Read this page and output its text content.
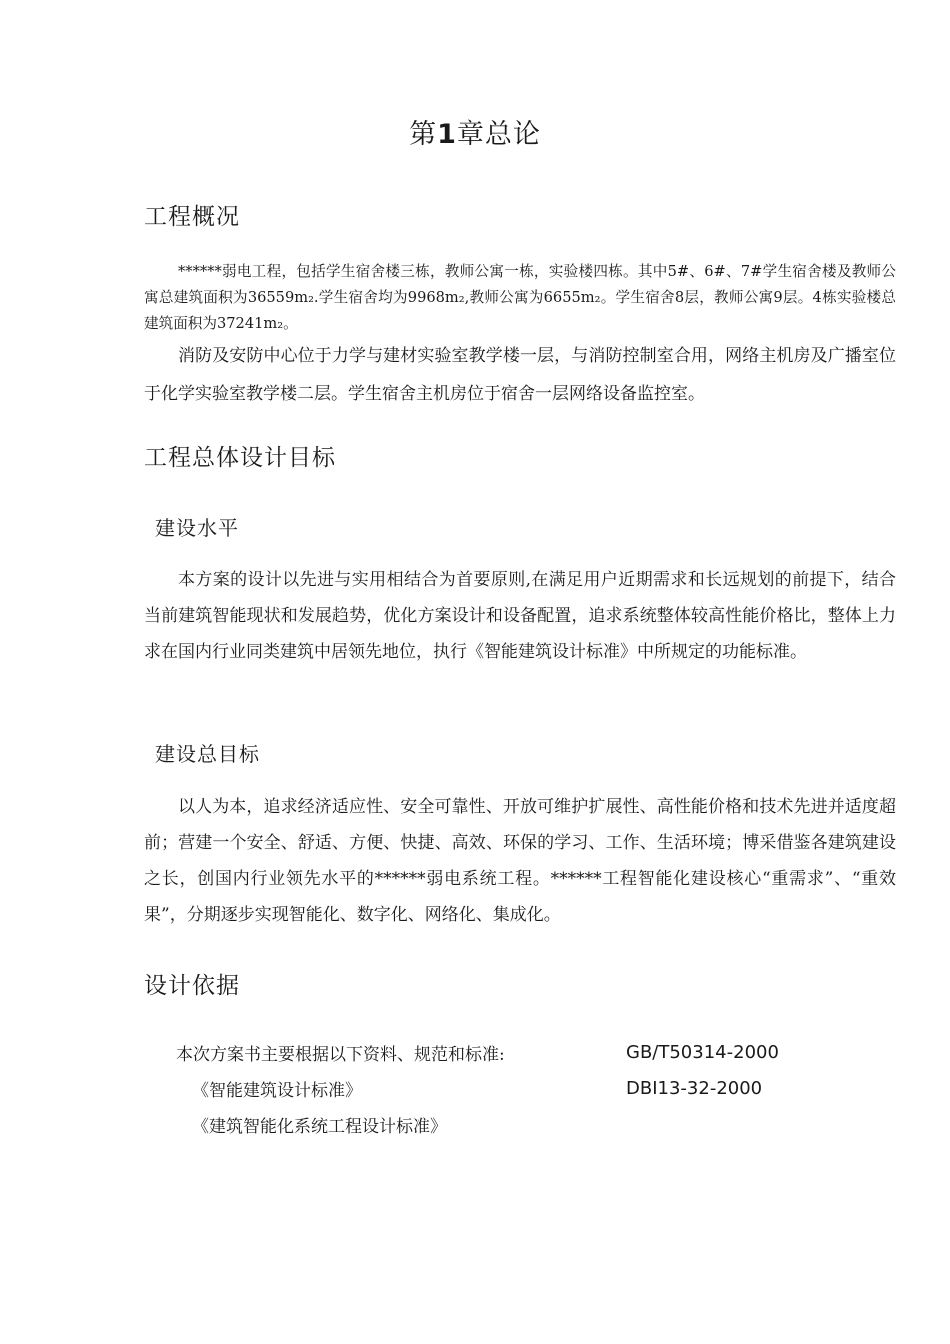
第1章总论
工程概况
******弱电工程，包括学生宿舍楼三栋，教师公寓一栋，实验楼四栋。其中5#、6#、7#学生宿舍楼及教师公寓总建筑面积为36559m₂.学生宿舍均为9968m₂,教师公寓为6655m₂。学生宿舍8层，教师公寓9层。4栋实验楼总建筑面积为37241m₂。
消防及安防中心位于力学与建材实验室教学楼一层，与消防控制室合用，网络主机房及广播室位于化学实验室教学楼二层。学生宿舍主机房位于宿舍一层网络设备监控室。
工程总体设计目标
建设水平
本方案的设计以先进与实用相结合为首要原则,在满足用户近期需求和长远规划的前提下，结合当前建筑智能现状和发展趋势，优化方案设计和设备配置，追求系统整体较高性能价格比，整体上力求在国内行业同类建筑中居领先地位，执行《智能建筑设计标准》中所规定的功能标准。
建设总目标
以人为本，追求经济适应性、安全可靠性、开放可维护扩展性、高性能价格和技术先进并适度超前；营建一个安全、舒适、方便、快捷、高效、环保的学习、工作、生活环境；博采借鉴各建筑建设之长，创国内行业领先水平的******弱电系统工程。******工程智能化建设核心“重需求”、“重效果”，分期逐步实现智能化、数字化、网络化、集成化。
设计依据
本次方案书主要根据以下资料、规范和标准:	GB/T50314-2000
《智能建筑设计标准》	DBI13-32-2000
《建筑智能化系统工程设计标准》
